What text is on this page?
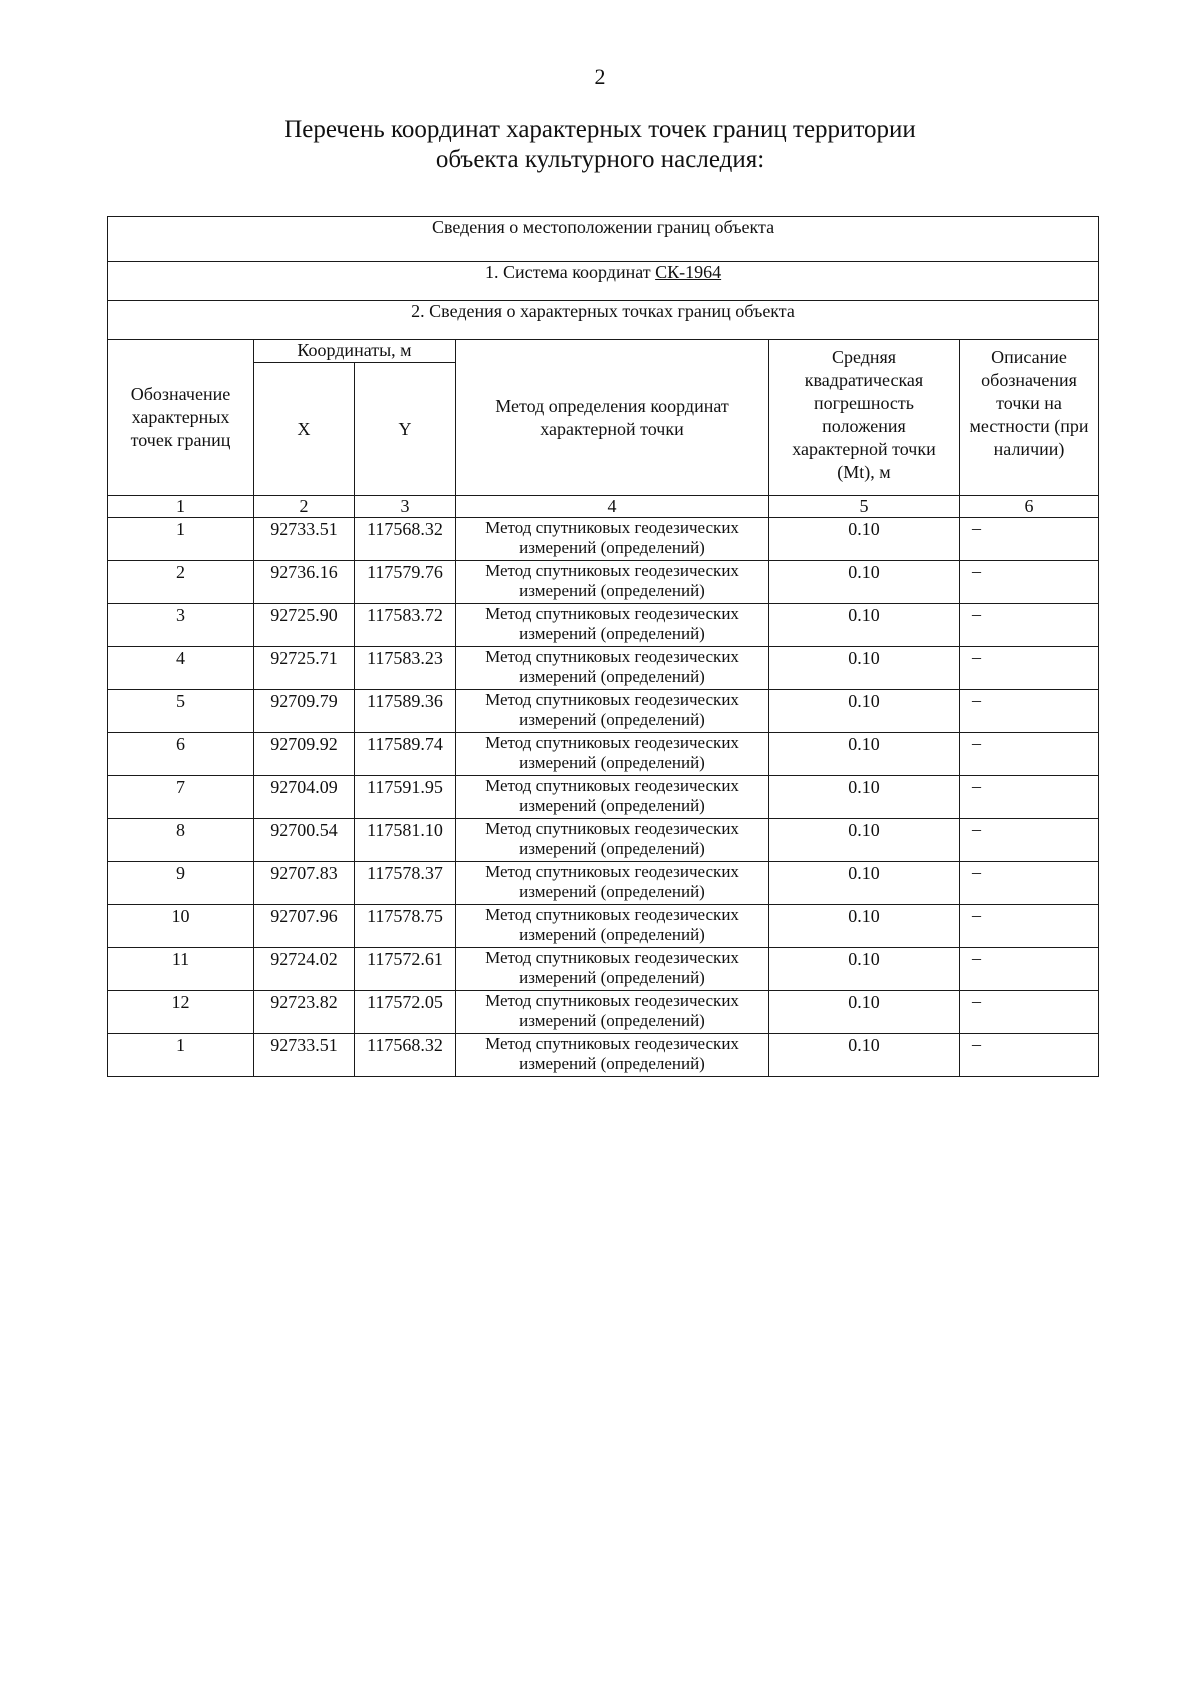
2
Перечень координат характерных точек границ территории
объекта культурного наследия:
Сведения о местоположении границ объекта					
1. Система координат СК-1964					
2. Сведения о характерных точках границ объекта					
Обозначение характерных точек границ	Координаты, м		Метод определения координат характерной точки	Средняя квадратическая погрешность положения характерной точки (Mt), м	Описание обозначения точки на местности (при наличии)
	X	Y			
1	2	3	4	5	6
1	92733.51	117568.32	Метод спутниковых геодезических измерений (определений)	0.10	–
2	92736.16	117579.76	Метод спутниковых геодезических измерений (определений)	0.10	–
3	92725.90	117583.72	Метод спутниковых геодезических измерений (определений)	0.10	–
4	92725.71	117583.23	Метод спутниковых геодезических измерений (определений)	0.10	–
5	92709.79	117589.36	Метод спутниковых геодезических измерений (определений)	0.10	–
6	92709.92	117589.74	Метод спутниковых геодезических измерений (определений)	0.10	–
7	92704.09	117591.95	Метод спутниковых геодезических измерений (определений)	0.10	–
8	92700.54	117581.10	Метод спутниковых геодезических измерений (определений)	0.10	–
9	92707.83	117578.37	Метод спутниковых геодезических измерений (определений)	0.10	–
10	92707.96	117578.75	Метод спутниковых геодезических измерений (определений)	0.10	–
11	92724.02	117572.61	Метод спутниковых геодезических измерений (определений)	0.10	–
12	92723.82	117572.05	Метод спутниковых геодезических измерений (определений)	0.10	–
1	92733.51	117568.32	Метод спутниковых геодезических измерений (определений)	0.10	–
